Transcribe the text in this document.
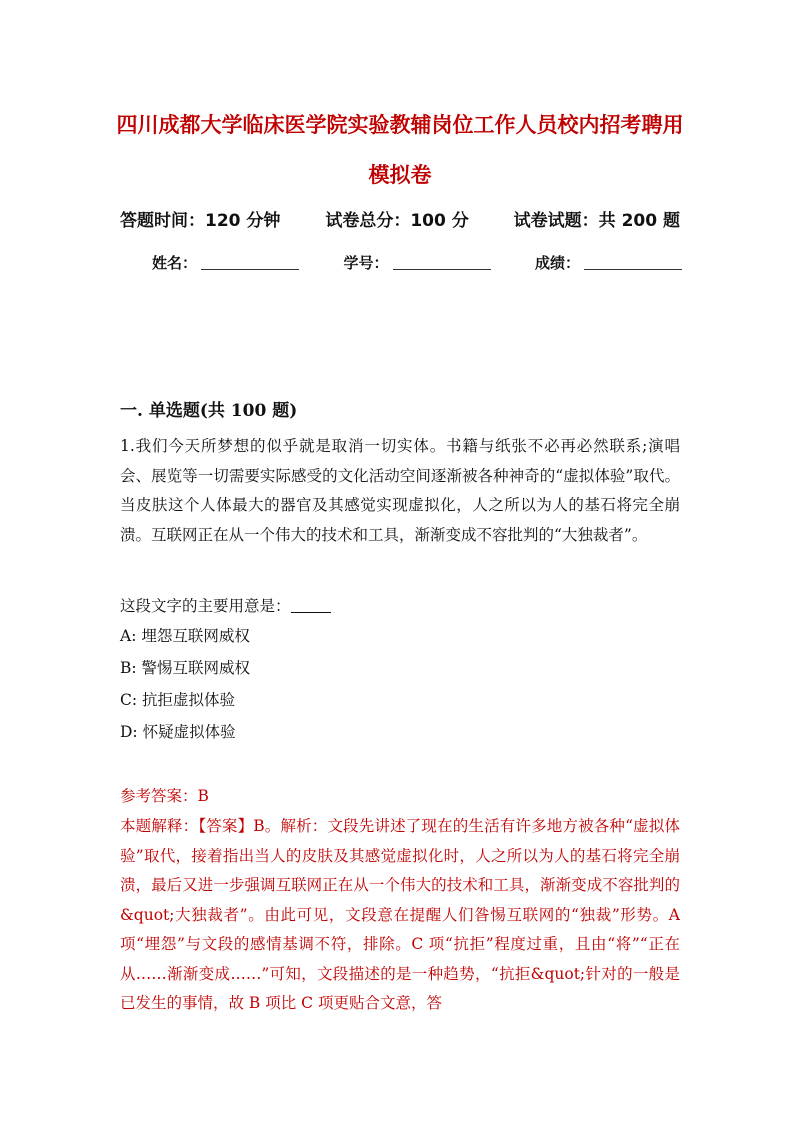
四川成都大学临床医学院实验教辅岗位工作人员校内招考聘用模拟卷
答题时间：120 分钟	试卷总分：100 分	试卷试题：共 200 题
姓名：	学号：	成绩：
一. 单选题(共 100 题)
1.我们今天所梦想的似乎就是取消一切实体。书籍与纸张不必再必然联系;演唱会、展览等一切需要实际感受的文化活动空间逐渐被各种神奇的“虚拟体验”取代。当皮肤这个人体最大的器官及其感觉实现虚拟化，人之所以为人的基石将完全崩溃。互联网正在从一个伟大的技术和工具，渐渐变成不容批判的“大独裁者”。
这段文字的主要用意是：
A: 埋怨互联网威权
B: 警惕互联网威权
C: 抗拒虚拟体验
D: 怀疑虚拟体验
参考答案：B
本题解释：【答案】B。解析：文段先讲述了现在的生活有许多地方被各种“虚拟体验”取代，接着指出当人的皮肤及其感觉虚拟化时，人之所以为人的基石将完全崩溃，最后又进一步强调互联网正在从一个伟大的技术和工具，渐渐变成不容批判的&quot;大独裁者”。由此可见，文段意在提醒人们昝惕互联网的“独裁”形势。A 项“埋怨”与文段的感情基调不符，排除。C 项“抗拒”程度过重，且由“将”“正在从……渐渐变成……”可知，文段描述的是一种趋势，“抗拒&quot;针对的一般是已发生的事情，故 B 项比 C 项更贴合文意，答
